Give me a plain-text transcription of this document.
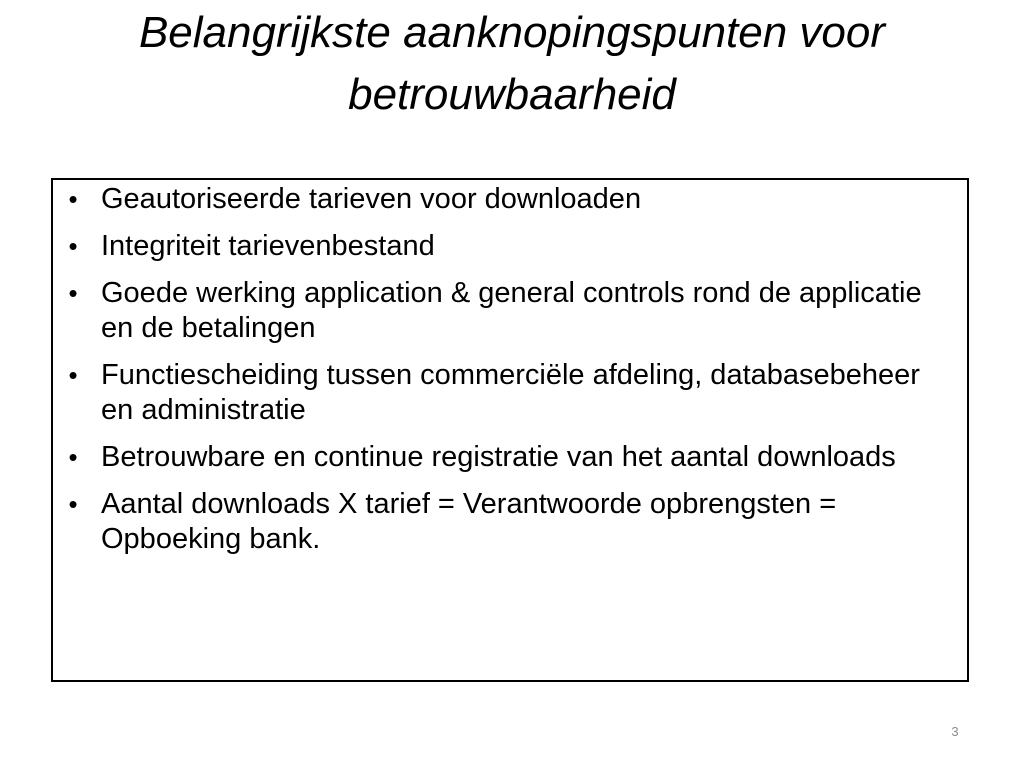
Belangrijkste aanknopingspunten voor
betrouwbaarheid
• Geautoriseerde tarieven voor downloaden
• Integriteit tarievenbestand
• Goede werking application & general controls rond de applicatie en de betalingen
• Functiescheiding tussen commerciële afdeling, databasebeheer en administratie
• Betrouwbare en continue registratie van het aantal downloads
• Aantal downloads X tarief = Verantwoorde opbrengsten = Opboeking bank.
3
